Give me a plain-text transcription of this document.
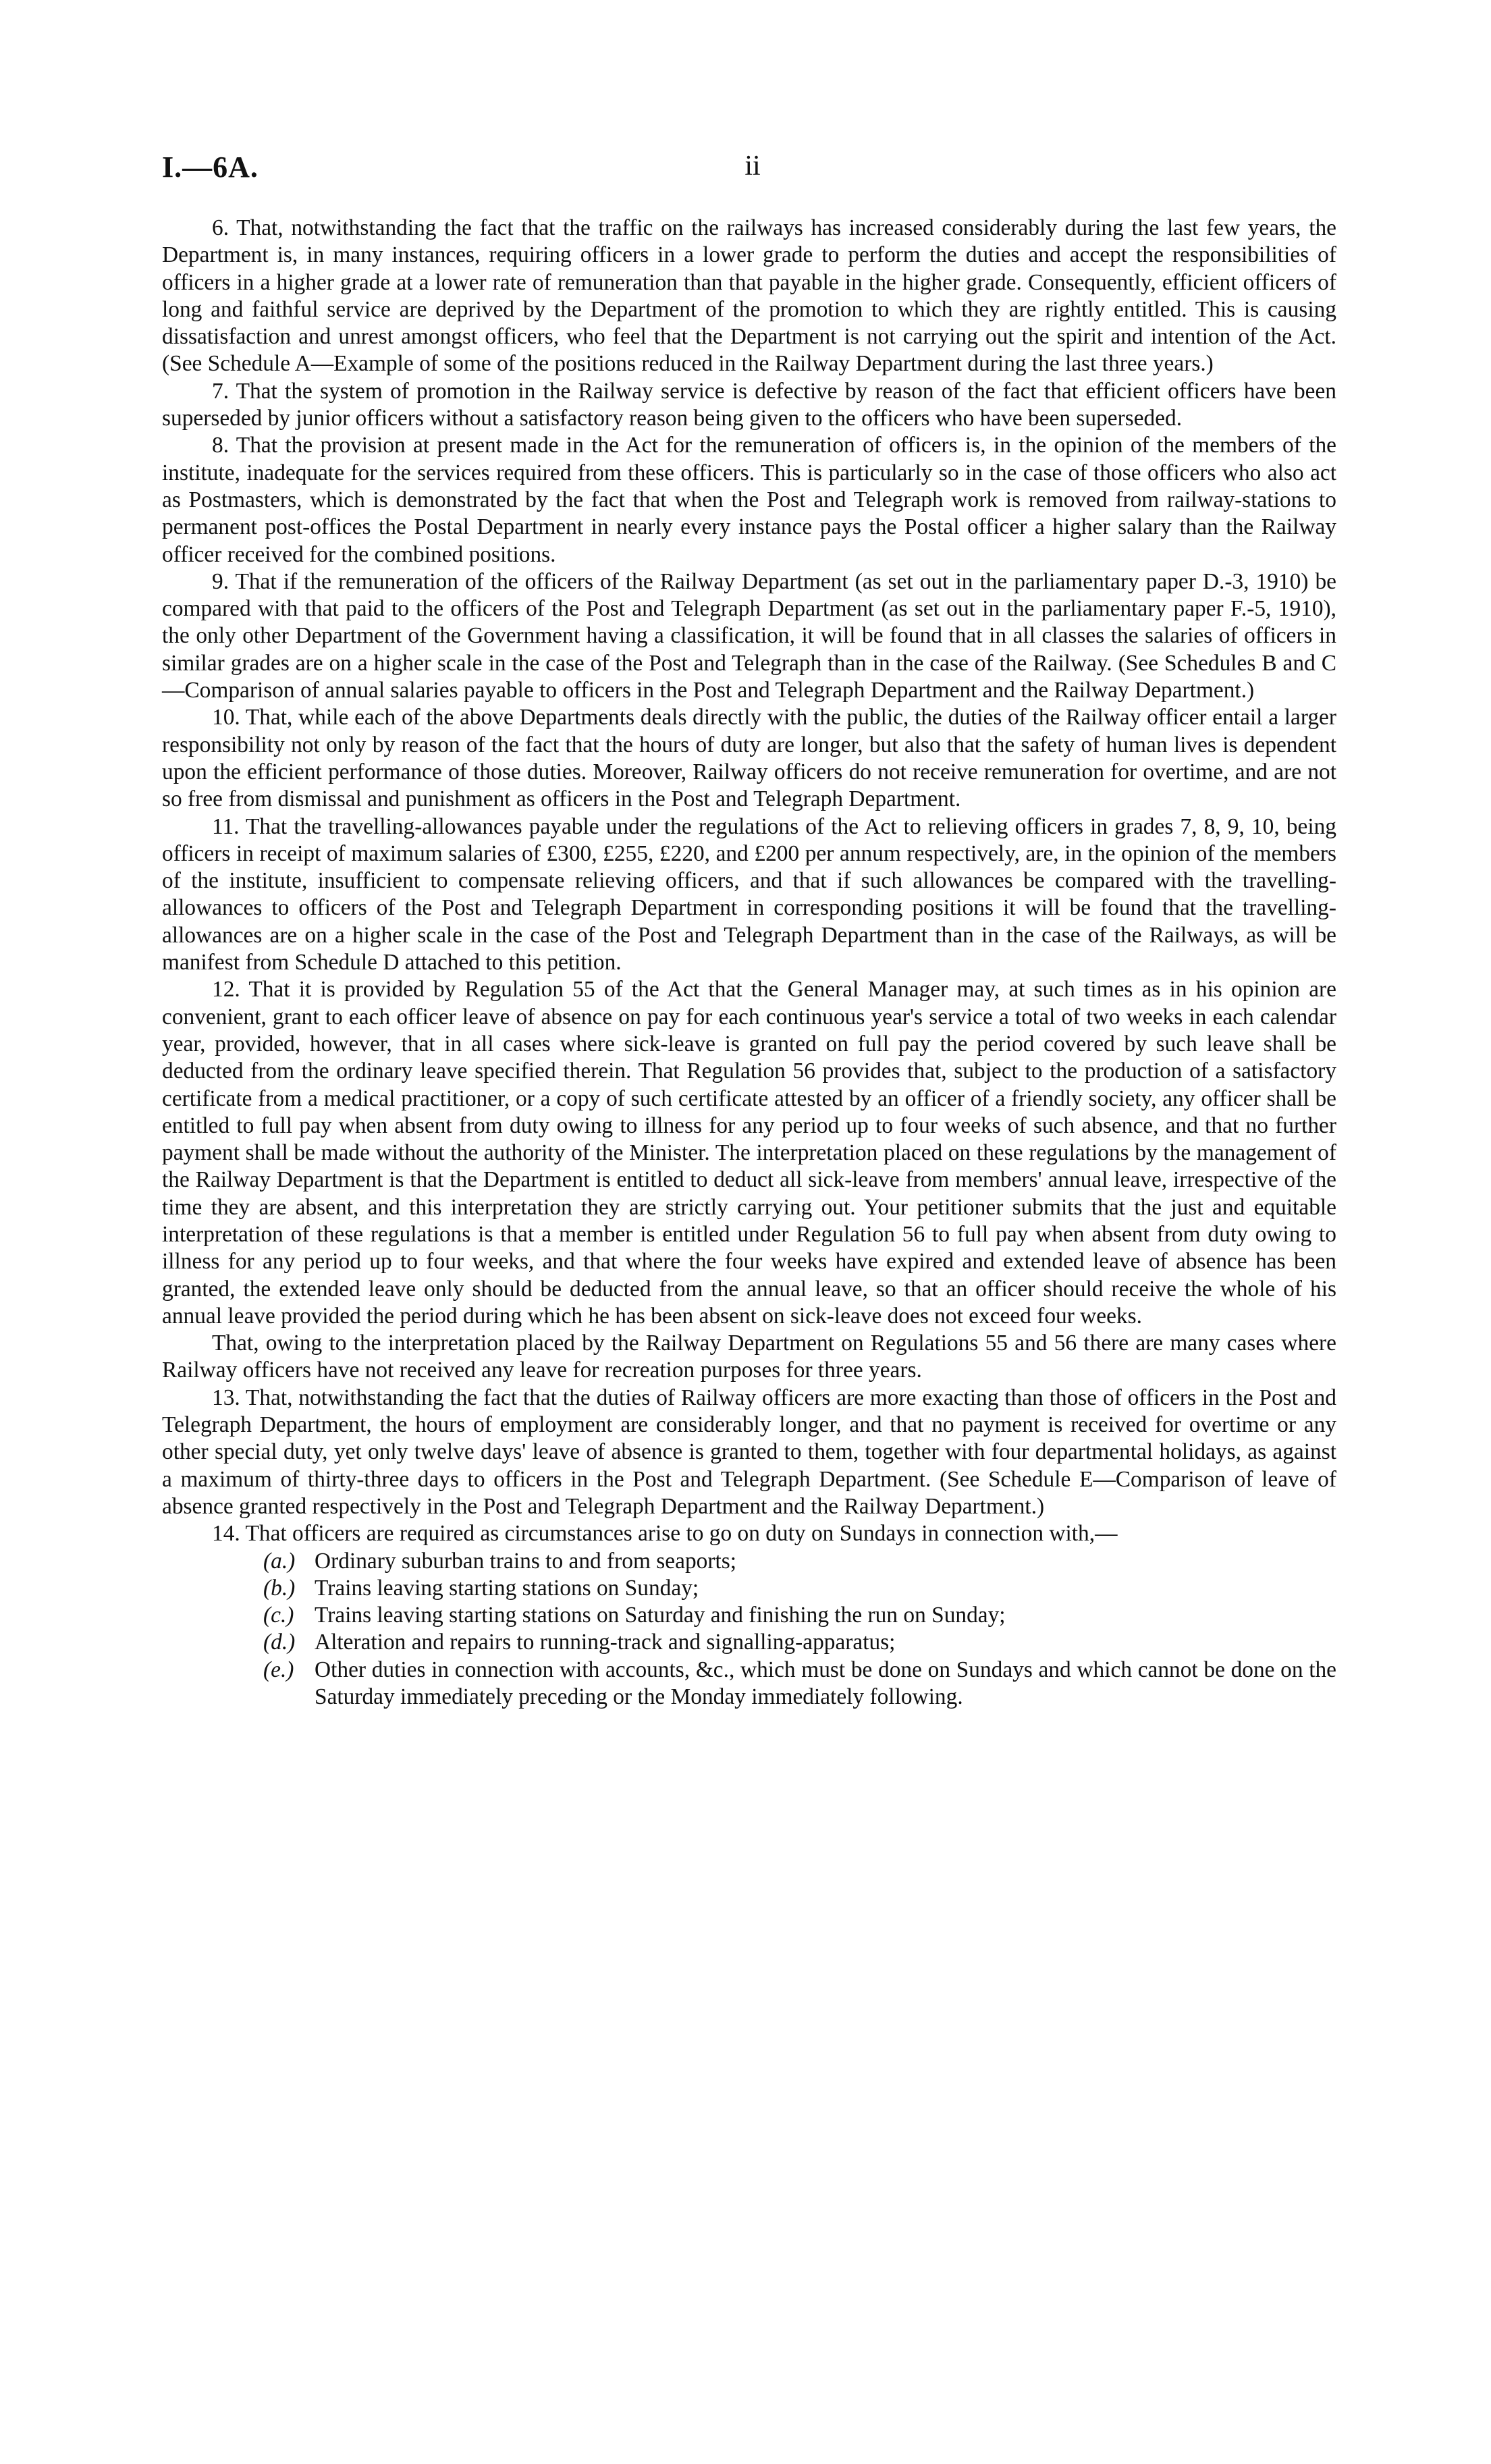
I.—6A.	ii

6. That, notwithstanding the fact that the traffic on the railways has increased considerably during the last few years, the Department is, in many instances, requiring officers in a lower grade to perform the duties and accept the responsibilities of officers in a higher grade at a lower rate of remuneration than that payable in the higher grade. Consequently, efficient officers of long and faithful service are deprived by the Department of the promotion to which they are rightly entitled. This is causing dissatisfaction and unrest amongst officers, who feel that the Department is not carrying out the spirit and intention of the Act. (See Schedule A—Example of some of the positions reduced in the Railway Department during the last three years.)

7. That the system of promotion in the Railway service is defective by reason of the fact that efficient officers have been superseded by junior officers without a satisfactory reason being given to the officers who have been superseded.

8. That the provision at present made in the Act for the remuneration of officers is, in the opinion of the members of the institute, inadequate for the services required from these officers. This is particularly so in the case of those officers who also act as Postmasters, which is demonstrated by the fact that when the Post and Telegraph work is removed from railway-stations to permanent post-offices the Postal Department in nearly every instance pays the Postal officer a higher salary than the Railway officer received for the combined positions.

9. That if the remuneration of the officers of the Railway Department (as set out in the parliamentary paper D.-3, 1910) be compared with that paid to the officers of the Post and Telegraph Department (as set out in the parliamentary paper F.-5, 1910), the only other Department of the Government having a classification, it will be found that in all classes the salaries of officers in similar grades are on a higher scale in the case of the Post and Telegraph than in the case of the Railway. (See Schedules B and C—Comparison of annual salaries payable to officers in the Post and Telegraph Department and the Railway Department.)

10. That, while each of the above Departments deals directly with the public, the duties of the Railway officer entail a larger responsibility not only by reason of the fact that the hours of duty are longer, but also that the safety of human lives is dependent upon the efficient performance of those duties. Moreover, Railway officers do not receive remuneration for overtime, and are not so free from dismissal and punishment as officers in the Post and Telegraph Department.

11. That the travelling-allowances payable under the regulations of the Act to relieving officers in grades 7, 8, 9, 10, being officers in receipt of maximum salaries of £300, £255, £220, and £200 per annum respectively, are, in the opinion of the members of the institute, insufficient to compensate relieving officers, and that if such allowances be compared with the travelling-allowances to officers of the Post and Telegraph Department in corresponding positions it will be found that the travelling-allowances are on a higher scale in the case of the Post and Telegraph Department than in the case of the Railways, as will be manifest from Schedule D attached to this petition.

12. That it is provided by Regulation 55 of the Act that the General Manager may, at such times as in his opinion are convenient, grant to each officer leave of absence on pay for each continuous year's service a total of two weeks in each calendar year, provided, however, that in all cases where sick-leave is granted on full pay the period covered by such leave shall be deducted from the ordinary leave specified therein. That Regulation 56 provides that, subject to the production of a satisfactory certificate from a medical practitioner, or a copy of such certificate attested by an officer of a friendly society, any officer shall be entitled to full pay when absent from duty owing to illness for any period up to four weeks of such absence, and that no further payment shall be made without the authority of the Minister. The interpretation placed on these regulations by the management of the Railway Department is that the Department is entitled to deduct all sick-leave from members' annual leave, irrespective of the time they are absent, and this interpretation they are strictly carrying out. Your petitioner submits that the just and equitable interpretation of these regulations is that a member is entitled under Regulation 56 to full pay when absent from duty owing to illness for any period up to four weeks, and that where the four weeks have expired and extended leave of absence has been granted, the extended leave only should be deducted from the annual leave, so that an officer should receive the whole of his annual leave provided the period during which he has been absent on sick-leave does not exceed four weeks.

That, owing to the interpretation placed by the Railway Department on Regulations 55 and 56 there are many cases where Railway officers have not received any leave for recreation purposes for three years.

13. That, notwithstanding the fact that the duties of Railway officers are more exacting than those of officers in the Post and Telegraph Department, the hours of employment are considerably longer, and that no payment is received for overtime or any other special duty, yet only twelve days' leave of absence is granted to them, together with four departmental holidays, as against a maximum of thirty-three days to officers in the Post and Telegraph Department. (See Schedule E—Comparison of leave of absence granted respectively in the Post and Telegraph Department and the Railway Department.)

14. That officers are required as circumstances arise to go on duty on Sundays in connection with,—

(a.) Ordinary suburban trains to and from seaports;
(b.) Trains leaving starting stations on Sunday;
(c.) Trains leaving starting stations on Saturday and finishing the run on Sunday;
(d.) Alteration and repairs to running-track and signalling-apparatus;
(e.) Other duties in connection with accounts, &c., which must be done on Sundays and which cannot be done on the Saturday immediately preceding or the Monday immediately following.
